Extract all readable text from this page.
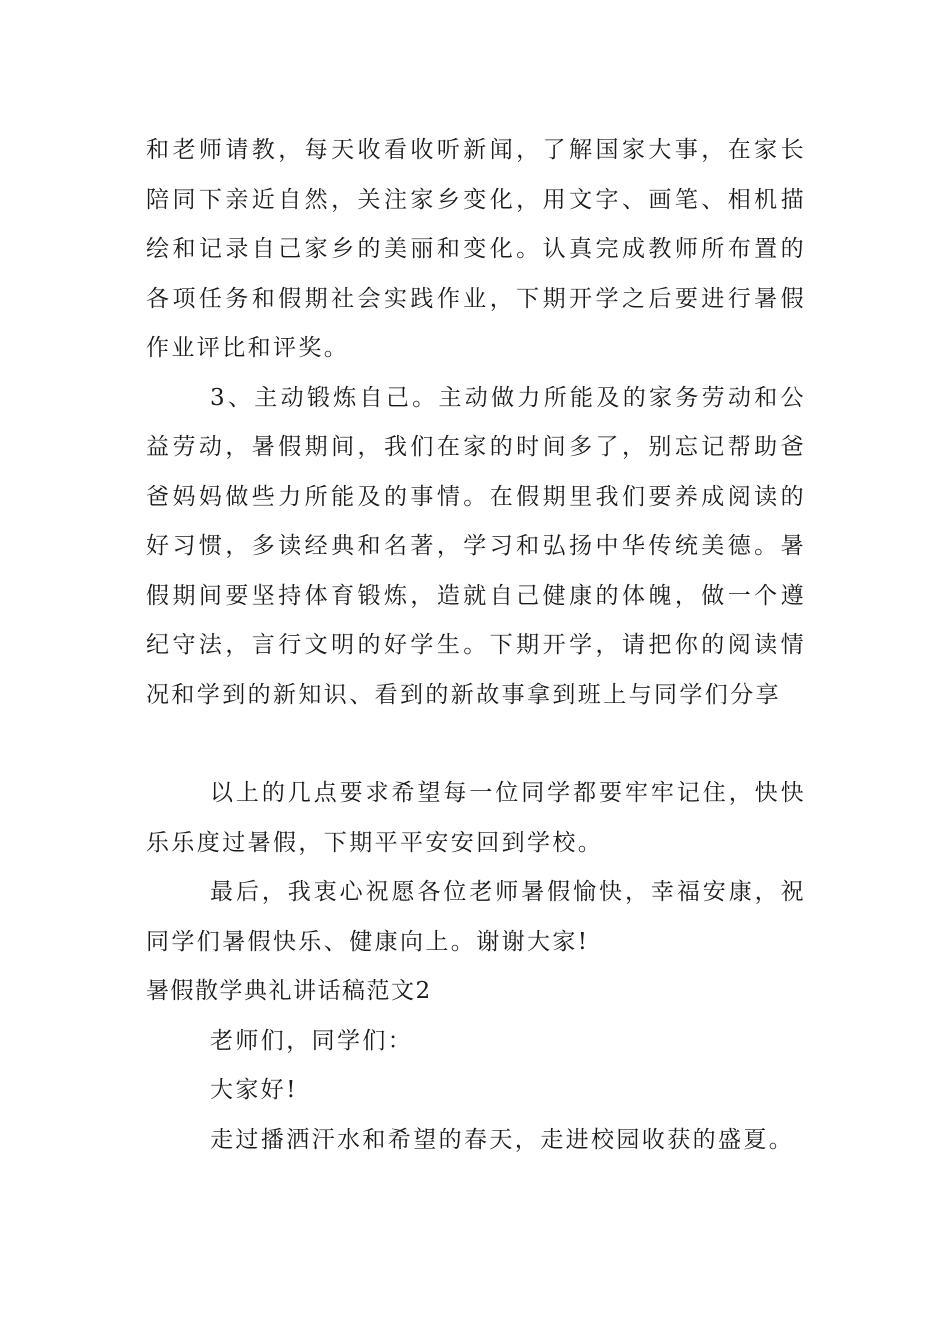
和老师请教，每天收看收听新闻，了解国家大事，在家长陪同下亲近自然，关注家乡变化，用文字、画笔、相机描绘和记录自己家乡的美丽和变化。认真完成教师所布置的各项任务和假期社会实践作业，下期开学之后要进行暑假作业评比和评奖。

3、主动锻炼自己。主动做力所能及的家务劳动和公益劳动，暑假期间，我们在家的时间多了，别忘记帮助爸爸妈妈做些力所能及的事情。在假期里我们要养成阅读的好习惯，多读经典和名著，学习和弘扬中华传统美德。暑假期间要坚持体育锻炼，造就自己健康的体魄，做一个遵纪守法，言行文明的好学生。下期开学，请把你的阅读情况和学到的新知识、看到的新故事拿到班上与同学们分享

以上的几点要求希望每一位同学都要牢牢记住，快快乐乐度过暑假，下期平平安安回到学校。

最后，我衷心祝愿各位老师暑假愉快，幸福安康，祝同学们暑假快乐、健康向上。谢谢大家!

暑假散学典礼讲话稿范文2

老师们，同学们：

大家好!

走过播洒汗水和希望的春天，走进校园收获的盛夏。
